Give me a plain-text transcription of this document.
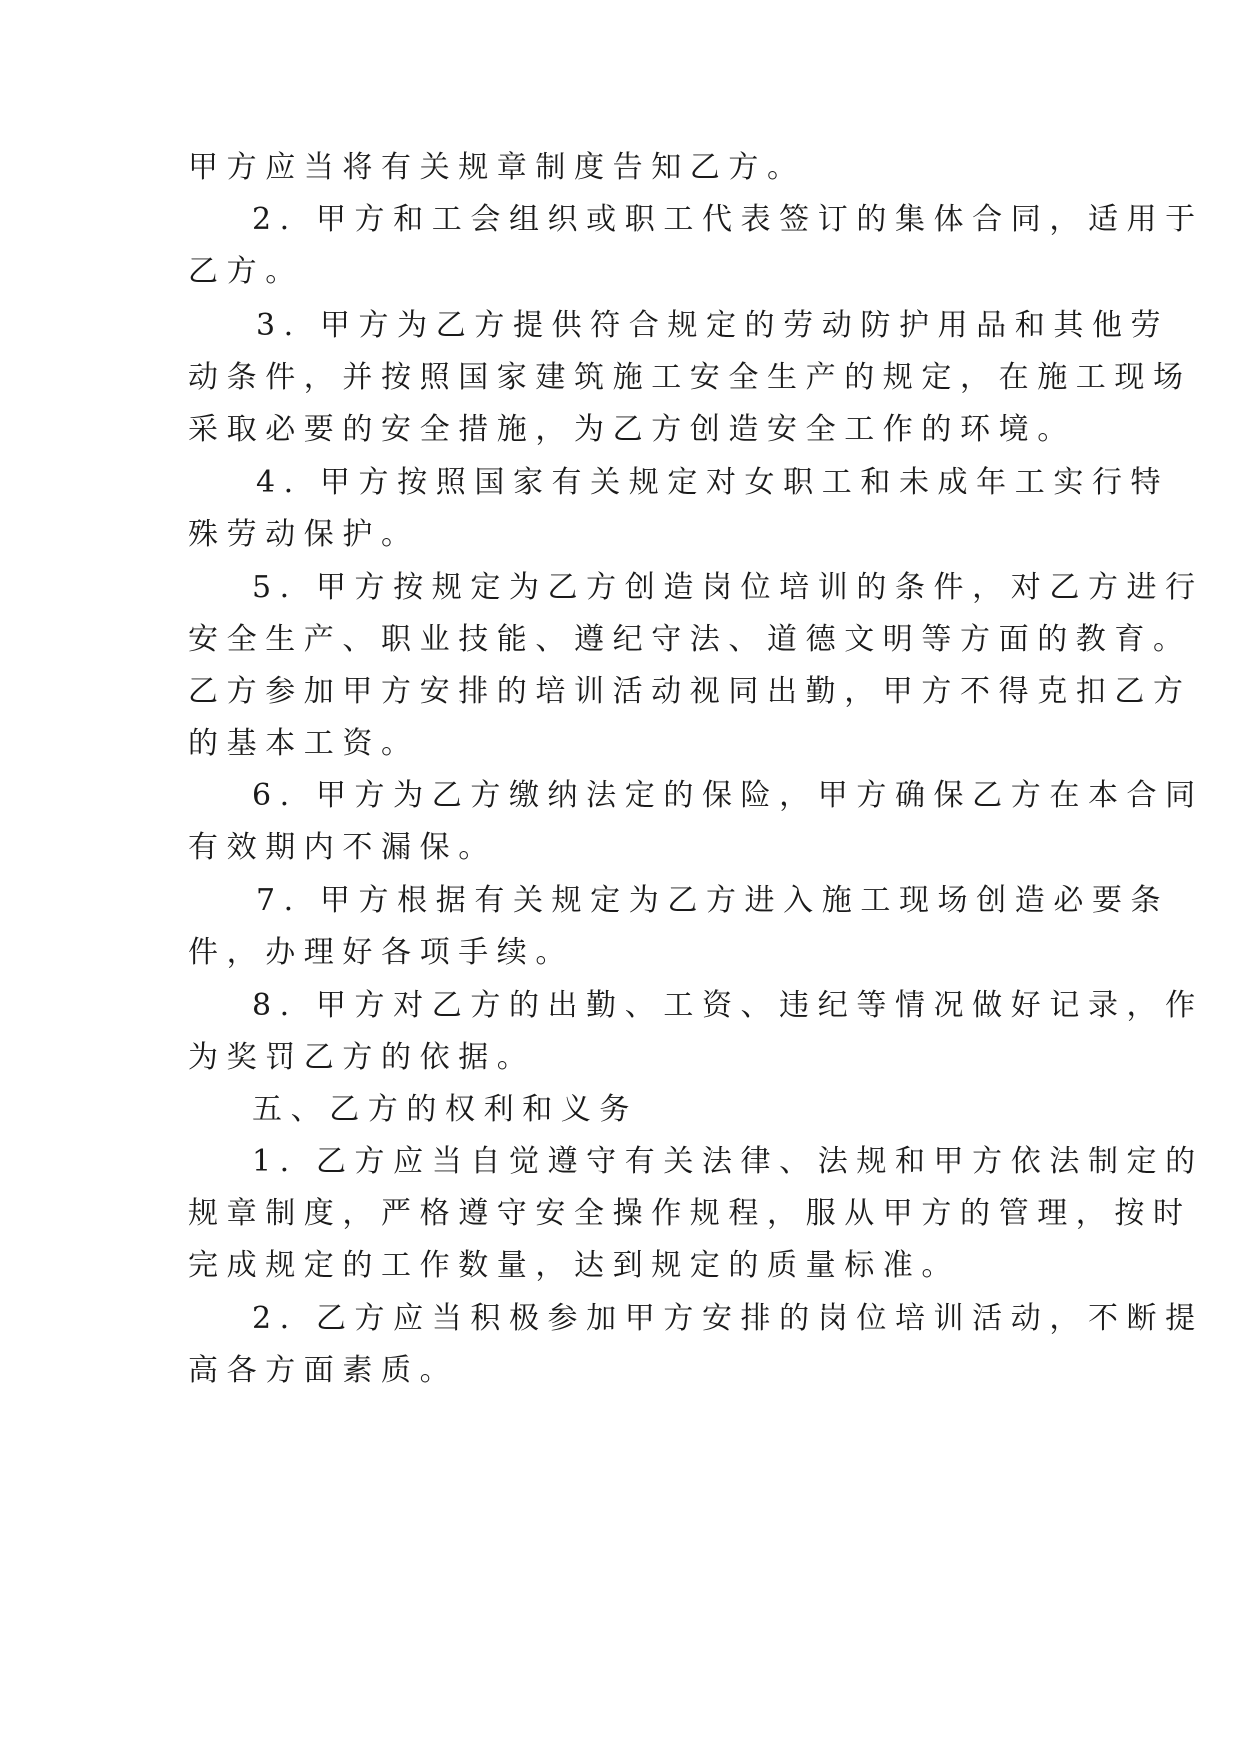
甲方应当将有关规章制度告知乙方。
2. 甲方和工会组织或职工代表签订的集体合同，适用于
乙方。
3. 甲方为乙方提供符合规定的劳动防护用品和其他劳
动条件，并按照国家建筑施工安全生产的规定，在施工现场
采取必要的安全措施，为乙方创造安全工作的环境。
4. 甲方按照国家有关规定对女职工和未成年工实行特
殊劳动保护。
5. 甲方按规定为乙方创造岗位培训的条件，对乙方进行
安全生产、职业技能、遵纪守法、道德文明等方面的教育。
乙方参加甲方安排的培训活动视同出勤，甲方不得克扣乙方
的基本工资。
6. 甲方为乙方缴纳法定的保险，甲方确保乙方在本合同
有效期内不漏保。
7. 甲方根据有关规定为乙方进入施工现场创造必要条
件，办理好各项手续。
8. 甲方对乙方的出勤、工资、违纪等情况做好记录，作
为奖罚乙方的依据。
五、乙方的权利和义务
1. 乙方应当自觉遵守有关法律、法规和甲方依法制定的
规章制度，严格遵守安全操作规程，服从甲方的管理，按时
完成规定的工作数量，达到规定的质量标准。
2. 乙方应当积极参加甲方安排的岗位培训活动，不断提
高各方面素质。
